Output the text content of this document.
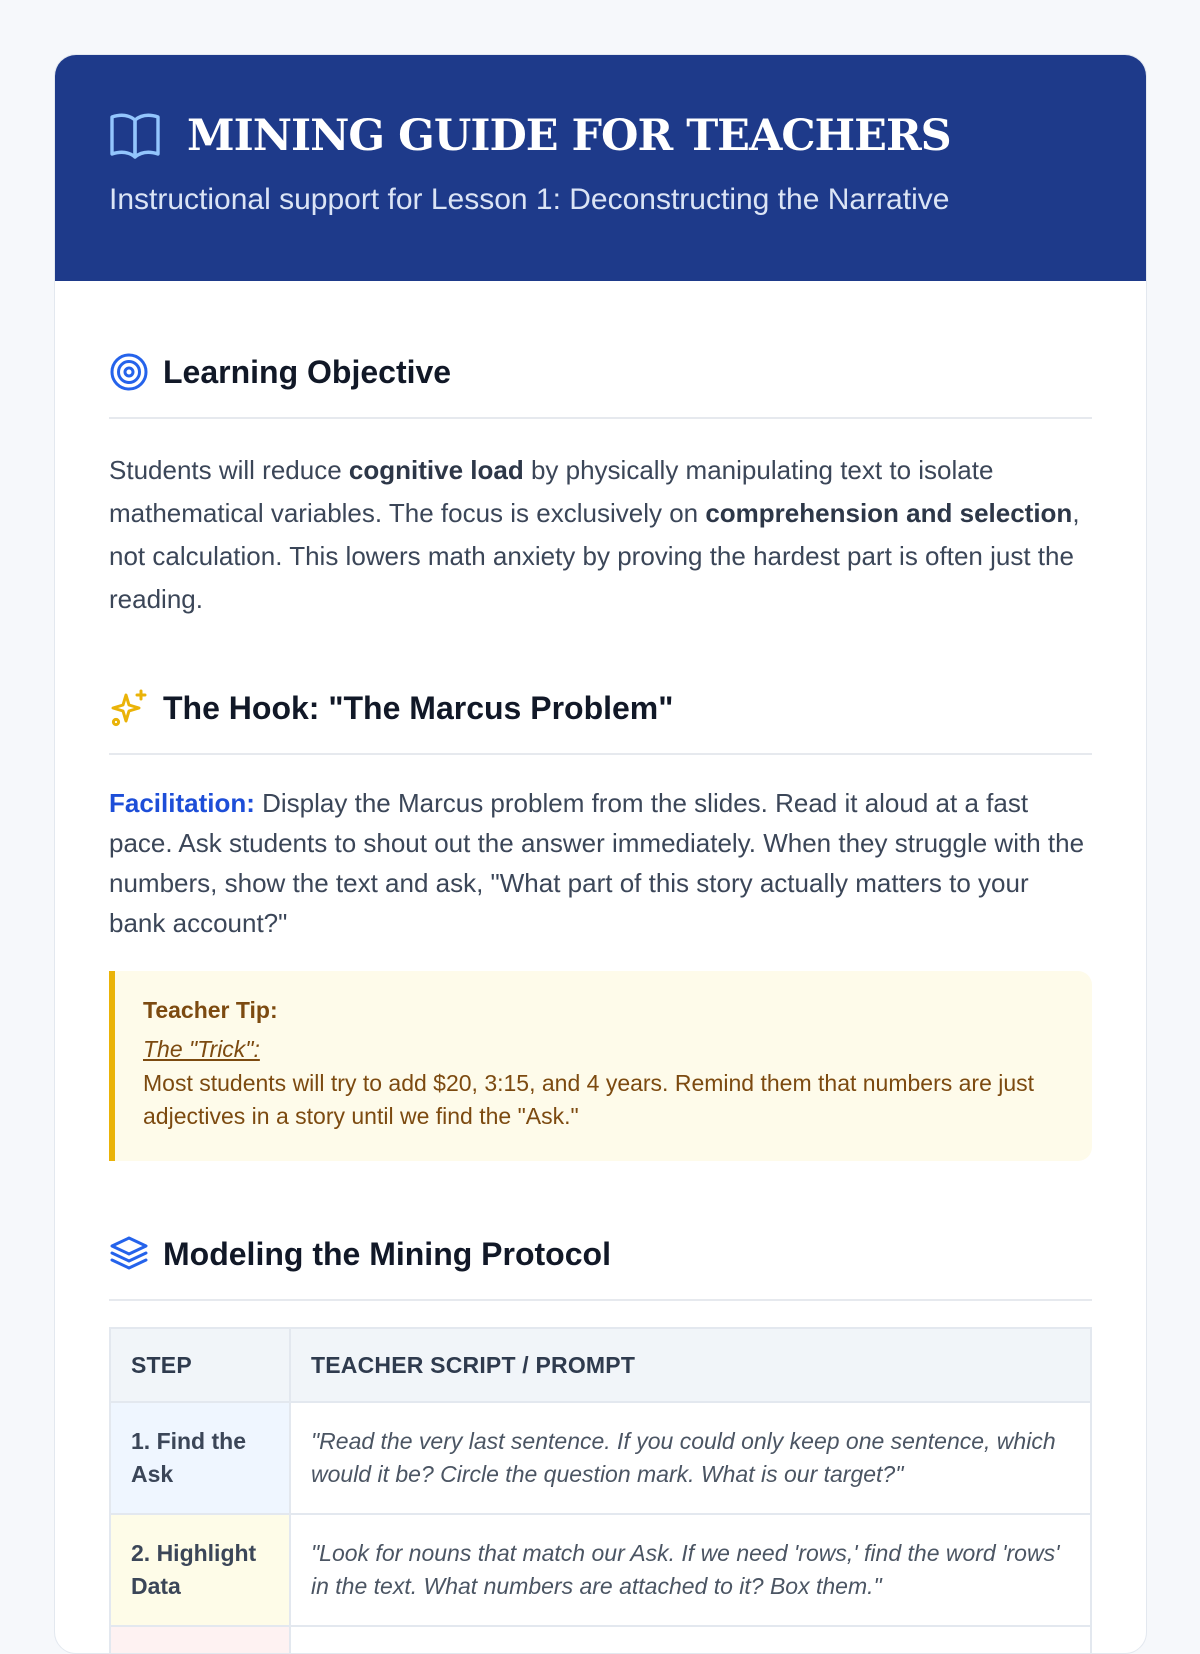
MINING GUIDE FOR TEACHERS
Instructional support for Lesson 1: Deconstructing the Narrative
Learning Objective

Students will reduce cognitive load by physically manipulating text to isolate mathematical variables. The focus is exclusively on comprehension and selection, not calculation. This lowers math anxiety by proving the hardest part is often just the reading.

The Hook: "The Marcus Problem"

Facilitation: Display the Marcus problem from the slides. Read it aloud at a fast pace. Ask students to shout out the answer immediately. When they struggle with the numbers, show the text and ask, "What part of this story actually matters to your bank account?"

Teacher Tip:
The "Trick":
Most students will try to add $20, 3:15, and 4 years. Remind them that numbers are just adjectives in a story until we find the "Ask."
Modeling the Mining Protocol
STEP	TEACHER SCRIPT / PROMPT
1. Find the Ask	"Read the very last sentence. If you could only keep one sentence, which would it be? Circle the question mark. What is our target?"
2. Highlight Data	"Look for nouns that match our Ask. If we need 'rows,' find the word 'rows' in the text. What numbers are attached to it? Box them."
